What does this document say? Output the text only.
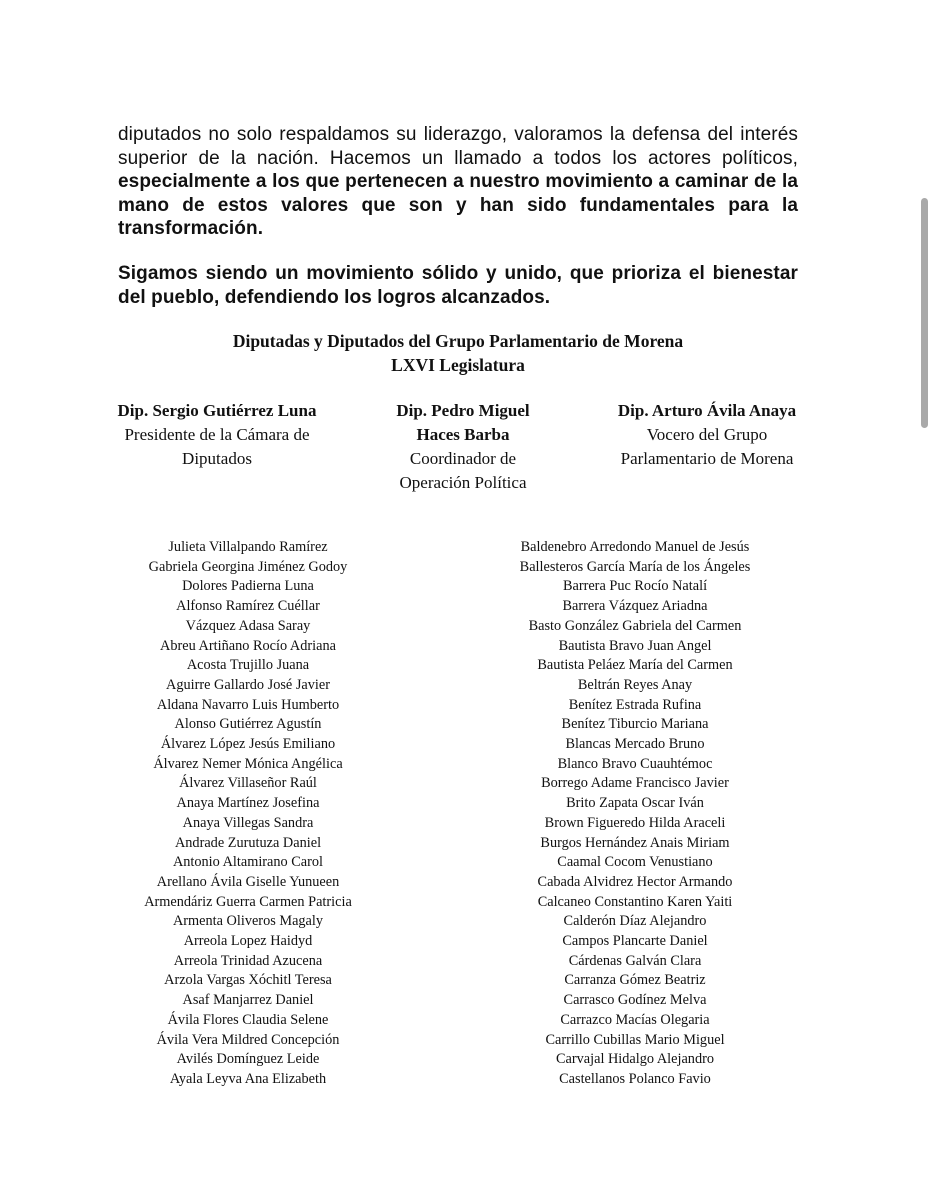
diputados no solo respaldamos su liderazgo, valoramos la defensa del interés superior de la nación. Hacemos un llamado a todos los actores políticos, especialmente a los que pertenecen a nuestro movimiento a caminar de la mano de estos valores que son y han sido fundamentales para la transformación.

Sigamos siendo un movimiento sólido y unido, que prioriza el bienestar del pueblo, defendiendo los logros alcanzados.

Diputadas y Diputados del Grupo Parlamentario de Morena
LXVI Legislatura
Dip. Sergio Gutiérrez Luna
Presidente de la Cámara de Diputados
Dip. Pedro Miguel Haces Barba
Coordinador de Operación Política
Dip. Arturo Ávila Anaya
Vocero del Grupo Parlamentario de Morena
Julieta Villalpando Ramírez
Gabriela Georgina Jiménez Godoy
Dolores Padierna Luna
Alfonso Ramírez Cuéllar
Vázquez Adasa Saray
Abreu Artiñano Rocío Adriana
Acosta Trujillo Juana
Aguirre Gallardo José Javier
Aldana Navarro Luis Humberto
Alonso Gutiérrez Agustín
Álvarez López Jesús Emiliano
Álvarez Nemer Mónica Angélica
Álvarez Villaseñor Raúl
Anaya Martínez Josefina
Anaya Villegas Sandra
Andrade Zurutuza Daniel
Antonio Altamirano Carol
Arellano Ávila Giselle Yunueen
Armendáriz Guerra Carmen Patricia
Armenta Oliveros Magaly
Arreola Lopez Haidyd
Arreola Trinidad Azucena
Arzola Vargas Xóchitl Teresa
Asaf Manjarrez Daniel
Ávila Flores Claudia Selene
Ávila Vera Mildred Concepción
Avilés Domínguez Leide
Ayala Leyva Ana Elizabeth
Baldenebro Arredondo Manuel de Jesús
Ballesteros García María de los Ángeles
Barrera Puc Rocío Natalí
Barrera Vázquez Ariadna
Basto González Gabriela del Carmen
Bautista Bravo Juan Angel
Bautista Peláez María del Carmen
Beltrán Reyes Anay
Benítez Estrada Rufina
Benítez Tiburcio Mariana
Blancas Mercado Bruno
Blanco Bravo Cuauhtémoc
Borrego Adame Francisco Javier
Brito Zapata Oscar Iván
Brown Figueredo Hilda Araceli
Burgos Hernández Anais Miriam
Caamal Cocom Venustiano
Cabada Alvidrez Hector Armando
Calcaneo Constantino Karen Yaiti
Calderón Díaz Alejandro
Campos Plancarte Daniel
Cárdenas Galván Clara
Carranza Gómez Beatriz
Carrasco Godínez Melva
Carrazco Macías Olegaria
Carrillo Cubillas Mario Miguel
Carvajal Hidalgo Alejandro
Castellanos Polanco Favio
